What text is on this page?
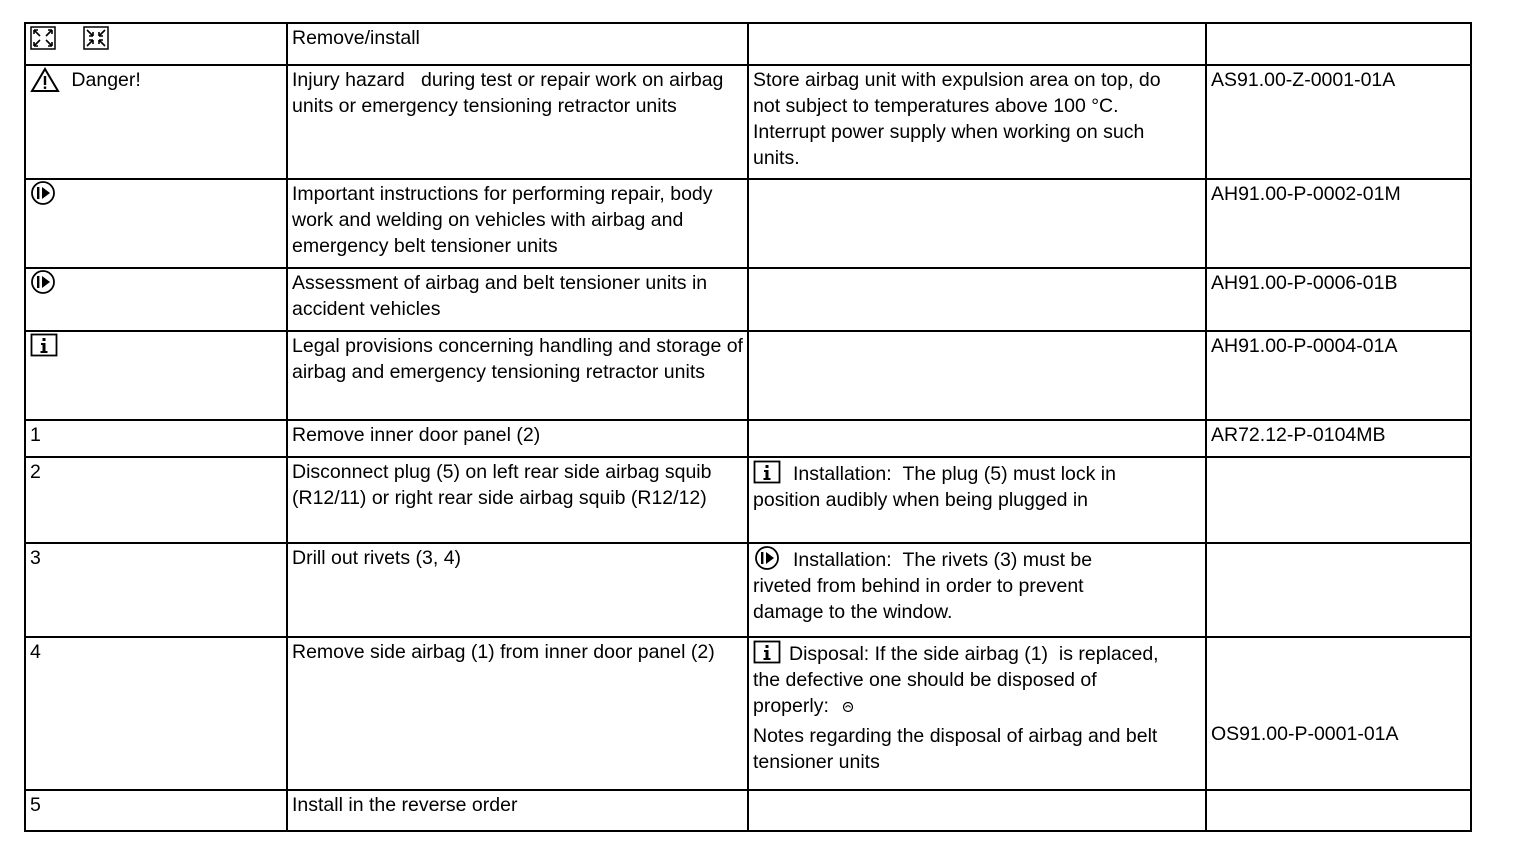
	Remove/install		
Danger!	Injury hazard   during test or repair work on airbag units or emergency tensioning retractor units	Store airbag unit with expulsion area on top, do
not subject to temperatures above 100 °C.
Interrupt power supply when working on such
units.	AS91.00-Z-0001-01A
	Important instructions for performing repair, body work and welding on vehicles with airbag and emergency belt tensioner units		AH91.00-P-0002-01M
	Assessment of airbag and belt tensioner units in accident vehicles		AH91.00-P-0006-01B
	Legal provisions concerning handling and storage of airbag and emergency tensioning retractor units		AH91.00-P-0004-01A
1	Remove inner door panel (2)		AR72.12-P-0104MB
2	Disconnect plug (5) on left rear side airbag squib (R12/11) or right rear side airbag squib (R12/12)	Installation:  The plug (5) must lock in
position audibly when being plugged in	

3	Drill out rivets (3, 4)	Installation:  The rivets (3) must be
riveted from behind in order to prevent
damage to the window.	

4	Remove side airbag (1) from inner door panel (2)	Disposal: If the side airbag (1)  is replaced,
the defective one should be disposed of
properly:
Notes regarding the disposal of airbag and belt
tensioner units	OS91.00-P-0001-01A

5	Install in the reverse order		
